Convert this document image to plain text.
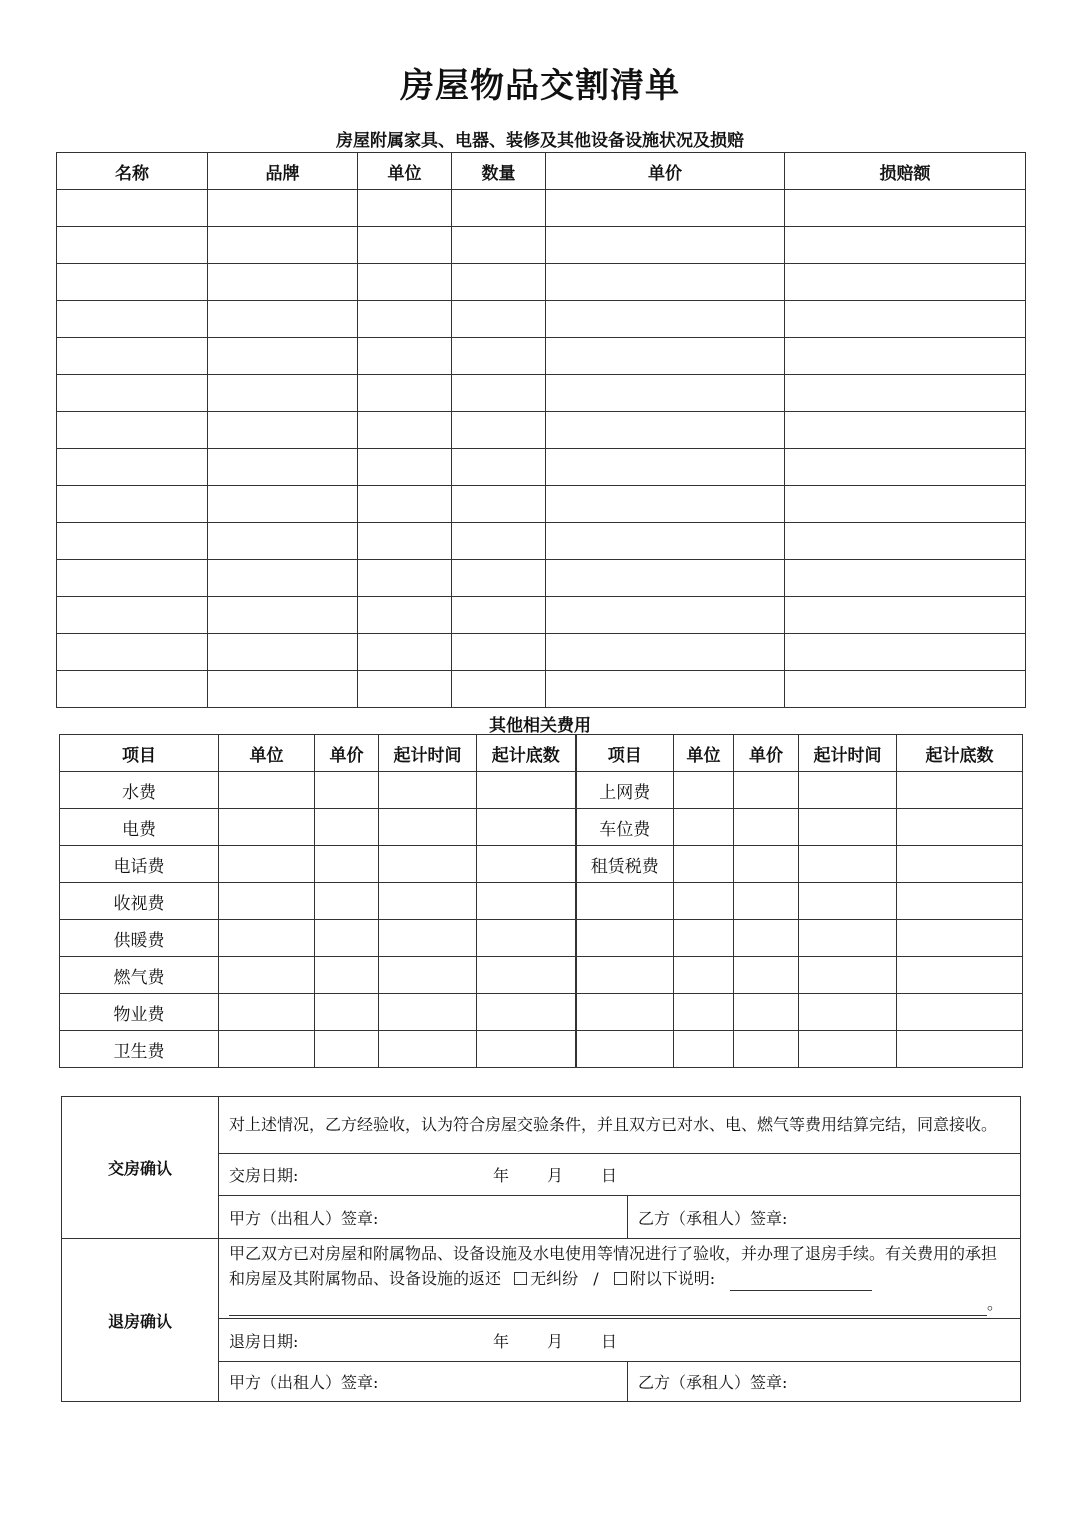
房屋物品交割清单
房屋附属家具、电器、装修及其他设备设施状况及损赔
名称	品牌	单位	数量	单价	损赔额

其他相关费用
项目	单位	单价	起计时间	起计底数	项目	单位	单价	起计时间	起计底数
水费					上网费				
电费					车位费				
电话费					租赁税费				
收视费									
供暖费									
燃气费									
物业费									
卫生费									
交房确认	对上述情况，乙方经验收，认为符合房屋交验条件，并且双方已对水、电、燃气等费用结算完结，同意接收。	
	交房日期: 年 月 日	
	甲方（出租人）签章:	乙方（承租人）签章:
退房确认	甲乙双方已对房屋和附属物品、设备设施及水电使用等情况进行了验收，并办理了退房手续。有关费用的承担和房屋及其附属物品、设备设施的返还 无纠纷 / 附以下说明:
。	
	退房日期: 年 月 日	
	甲方（出租人）签章:	乙方（承租人）签章:
